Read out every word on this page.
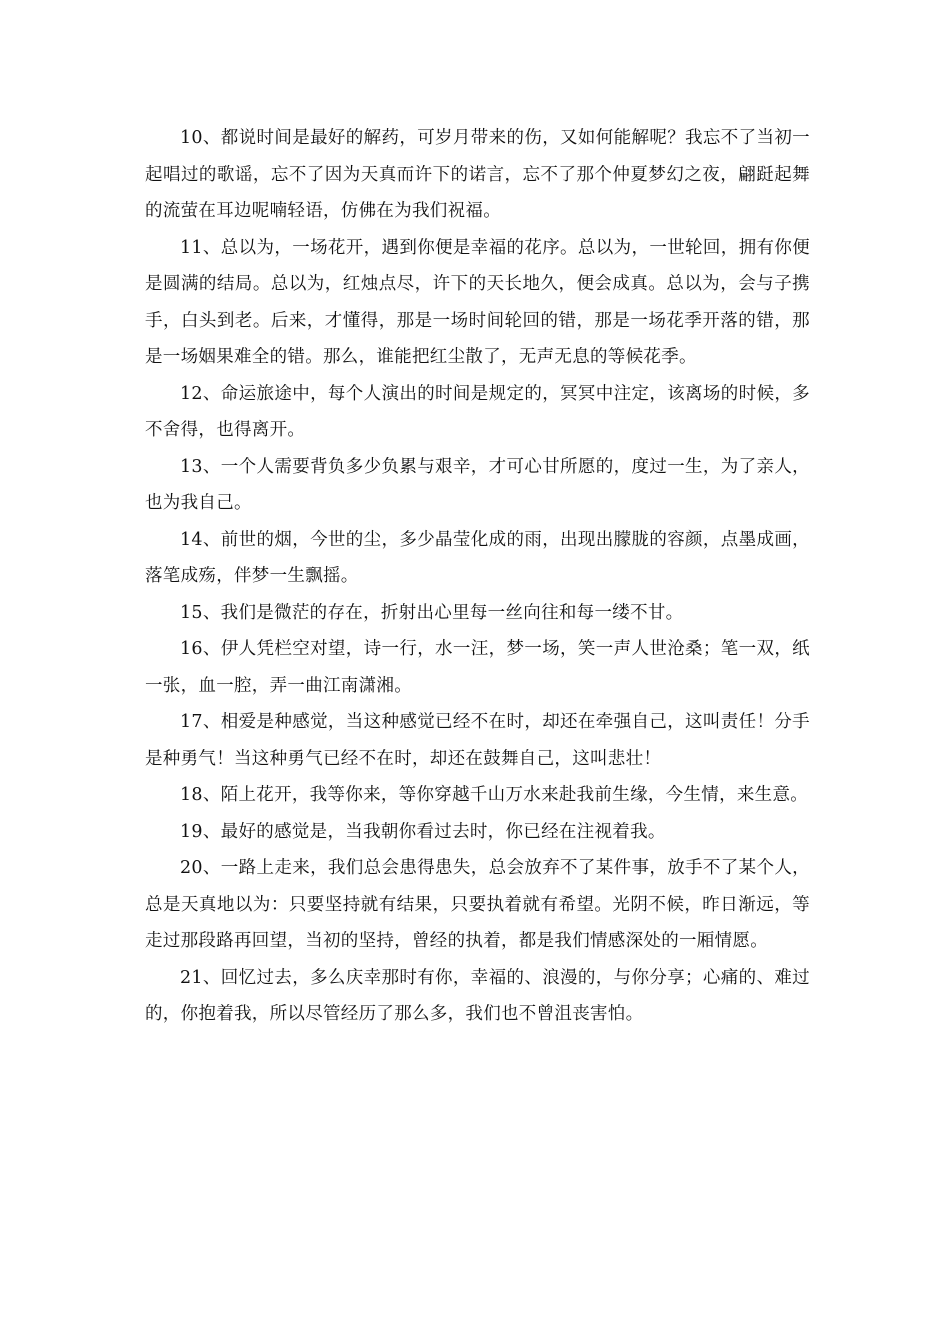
10、都说时间是最好的解药，可岁月带来的伤，又如何能解呢？我忘不了当初一起唱过的歌谣，忘不了因为天真而许下的诺言，忘不了那个仲夏梦幻之夜，翩跹起舞的流萤在耳边呢喃轻语，仿佛在为我们祝福。

11、总以为，一场花开，遇到你便是幸福的花序。总以为，一世轮回，拥有你便是圆满的结局。总以为，红烛点尽，许下的天长地久，便会成真。总以为，会与子携手，白头到老。后来，才懂得，那是一场时间轮回的错，那是一场花季开落的错，那是一场姻果难全的错。那么，谁能把红尘散了，无声无息的等候花季。

12、命运旅途中，每个人演出的时间是规定的，冥冥中注定，该离场的时候，多不舍得，也得离开。

13、一个人需要背负多少负累与艰辛，才可心甘所愿的，度过一生，为了亲人，也为我自己。

14、前世的烟，今世的尘，多少晶莹化成的雨，出现出朦胧的容颜，点墨成画，落笔成殇，伴梦一生飘摇。

15、我们是微茫的存在，折射出心里每一丝向往和每一缕不甘。

16、伊人凭栏空对望，诗一行，水一汪，梦一场，笑一声人世沧桑；笔一双，纸一张，血一腔，弄一曲江南潇湘。

17、相爱是种感觉，当这种感觉已经不在时，却还在牵强自己，这叫责任！分手是种勇气！当这种勇气已经不在时，却还在鼓舞自己，这叫悲壮！

18、陌上花开，我等你来，等你穿越千山万水来赴我前生缘，今生情，来生意。

19、最好的感觉是，当我朝你看过去时，你已经在注视着我。

20、一路上走来，我们总会患得患失，总会放弃不了某件事，放手不了某个人，总是天真地以为：只要坚持就有结果，只要执着就有希望。光阴不候，昨日渐远，等走过那段路再回望，当初的坚持，曾经的执着，都是我们情感深处的一厢情愿。

21、回忆过去，多么庆幸那时有你，幸福的、浪漫的，与你分享；心痛的、难过的，你抱着我，所以尽管经历了那么多，我们也不曾沮丧害怕。
